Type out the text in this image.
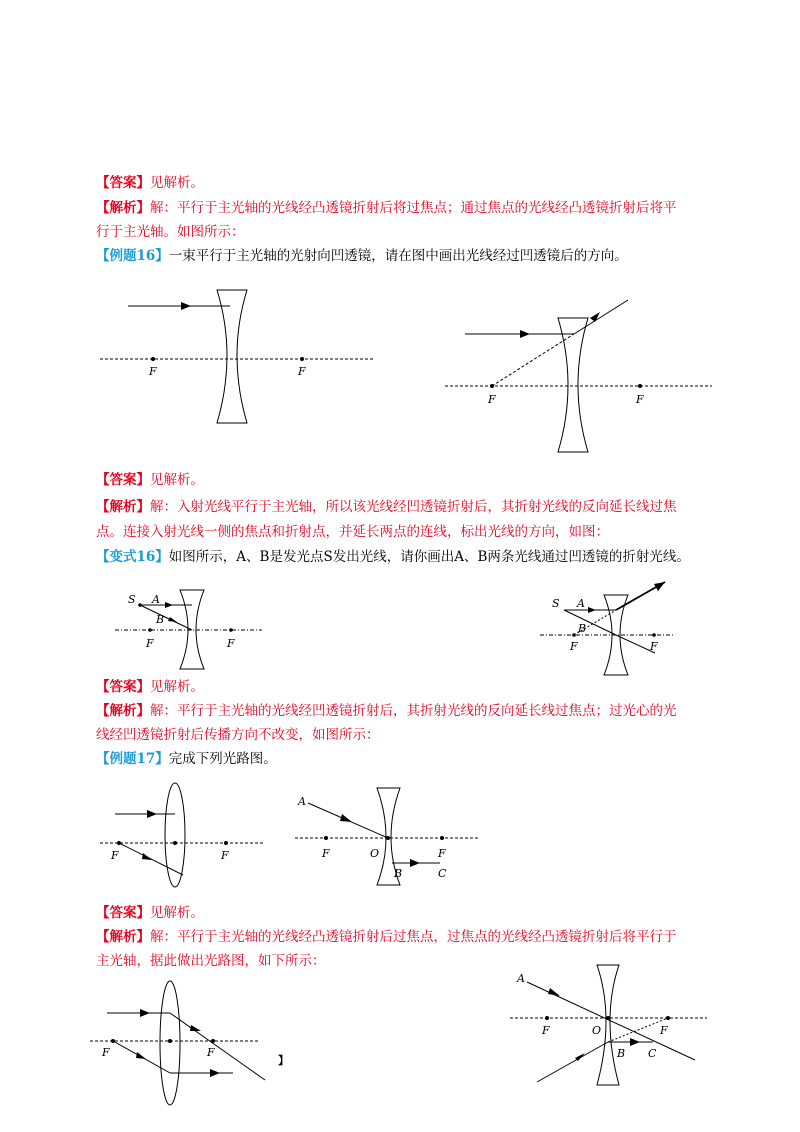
【答案】见解析。
【解析】解：平行于主光轴的光线经凸透镜折射后将过焦点；通过焦点的光线经凸透镜折射后将平
行于主光轴。如图所示：
【例题16】一束平行于主光轴的光射向凹透镜，请在图中画出光线经过凹透镜后的方向。
F	F
F	F
【答案】见解析。
【解析】解：入射光线平行于主光轴，所以该光线经凹透镜折射后，其折射光线的反向延长线过焦
点。连接入射光线一侧的焦点和折射点，并延长两点的连线，标出光线的方向，如图：
【变式16】如图所示，A、B是发光点S发出光线，请你画出A、B两条光线通过凹透镜的折射光线。
S A
B
F	F
S A
B
F	F
【答案】见解析。
【解析】解：平行于主光轴的光线经凹透镜折射后，其折射光线的反向延长线过焦点；过光心的光
线经凹透镜折射后传播方向不改变，如图所示：
【例题17】完成下列光路图。
F	F
A
F	O	F
B	C
【答案】见解析。
【解析】解：平行于主光轴的光线经凸透镜折射后过焦点，过焦点的光线经凸透镜折射后将平行于
主光轴，据此做出光路图，如下所示：
F	F
】
A
F	O	F
B C
